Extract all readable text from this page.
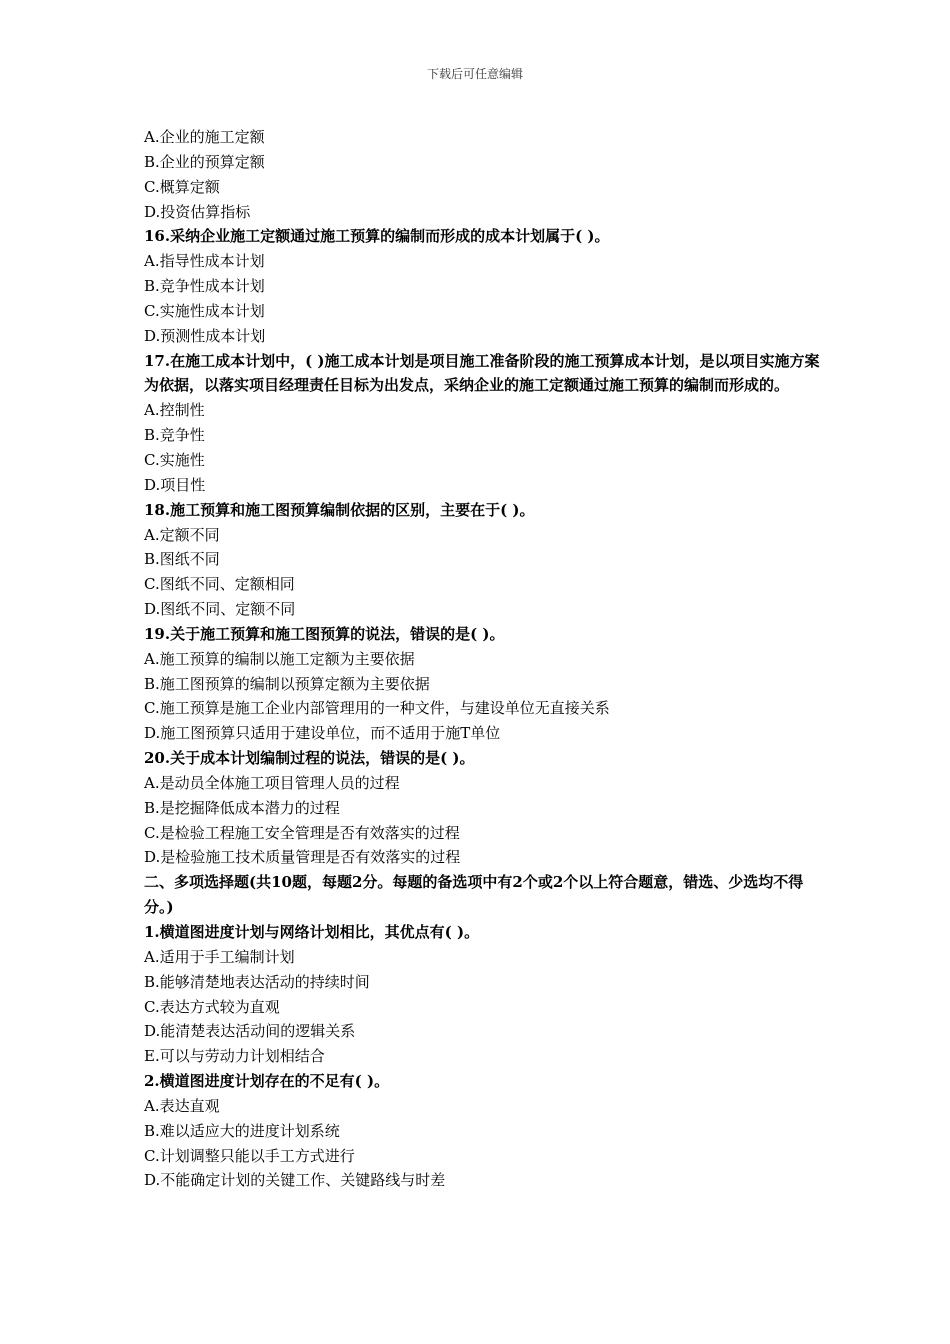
下载后可任意编辑
A.企业的施工定额
B.企业的预算定额
C.概算定额
D.投资估算指标
16.采纳企业施工定额通过施工预算的编制而形成的成本计划属于( )。
A.指导性成本计划
B.竞争性成本计划
C.实施性成本计划
D.预测性成本计划
17.在施工成本计划中，( )施工成本计划是项目施工准备阶段的施工预算成本计划，是以项目实施方案为依据，以落实项目经理责任目标为出发点，采纳企业的施工定额通过施工预算的编制而形成的。
A.控制性
B.竞争性
C.实施性
D.项目性
18.施工预算和施工图预算编制依据的区别，主要在于( )。
A.定额不同
B.图纸不同
C.图纸不同、定额相同
D.图纸不同、定额不同
19.关于施工预算和施工图预算的说法，错误的是( )。
A.施工预算的编制以施工定额为主要依据
B.施工图预算的编制以预算定额为主要依据
C.施工预算是施工企业内部管理用的一种文件，与建设单位无直接关系
D.施工图预算只适用于建设单位，而不适用于施T单位
20.关于成本计划编制过程的说法，错误的是( )。
A.是动员全体施工项目管理人员的过程
B.是挖掘降低成本潜力的过程
C.是检验工程施工安全管理是否有效落实的过程
D.是检验施工技术质量管理是否有效落实的过程
二、多项选择题(共10题，每题2分。每题的备选项中有2个或2个以上符合题意，错选、少选均不得分。)
1.横道图进度计划与网络计划相比，其优点有( )。
A.适用于手工编制计划
B.能够清楚地表达活动的持续时间
C.表达方式较为直观
D.能清楚表达活动间的逻辑关系
E.可以与劳动力计划相结合
2.横道图进度计划存在的不足有( )。
A.表达直观
B.难以适应大的进度计划系统
C.计划调整只能以手工方式进行
D.不能确定计划的关键工作、关键路线与时差
